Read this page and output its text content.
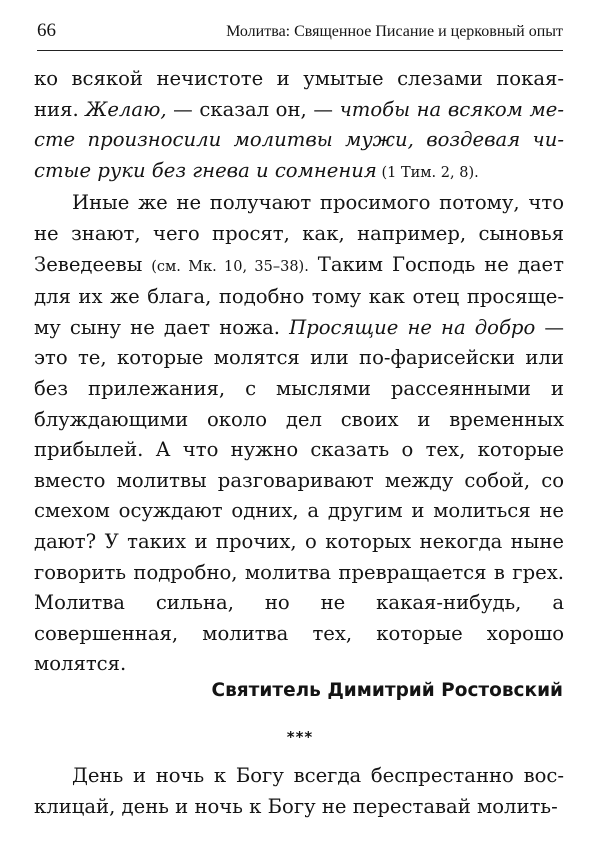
66	Молитва: Священное Писание и церковный опыт

ко всякой нечистоте и умытые слезами покая-ния. Желаю, — сказал он, — чтобы на всяком ме-сте произносили молитвы мужи, воздевая чи-стые руки без гнева и сомнения (1 Тим. 2, 8).

Иные же не получают просимого потому, что не знают, чего просят, как, например, сыновья Зеведеевы (см. Мк. 10, 35–38). Таким Господь не дает для их же блага, подобно тому как отец просяще-му сыну не дает ножа. Просящие не на добро — это те, которые молятся или по-фарисейски или без прилежания, с мыслями рассеянными и блуждающими около дел своих и временных прибылей. А что нужно сказать о тех, которые вместо молитвы разговаривают между собой, со смехом осуждают одних, а другим и молиться не дают? У таких и прочих, о которых некогда ныне говорить подробно, молитва превращается в грех. Молитва сильна, но не какая-нибудь, а совершенная, молитва тех, которые хорошо молятся.

Святитель Димитрий Ростовский
***

День и ночь к Богу всегда беспрестанно вос-клицай, день и ночь к Богу не переставай молить-
